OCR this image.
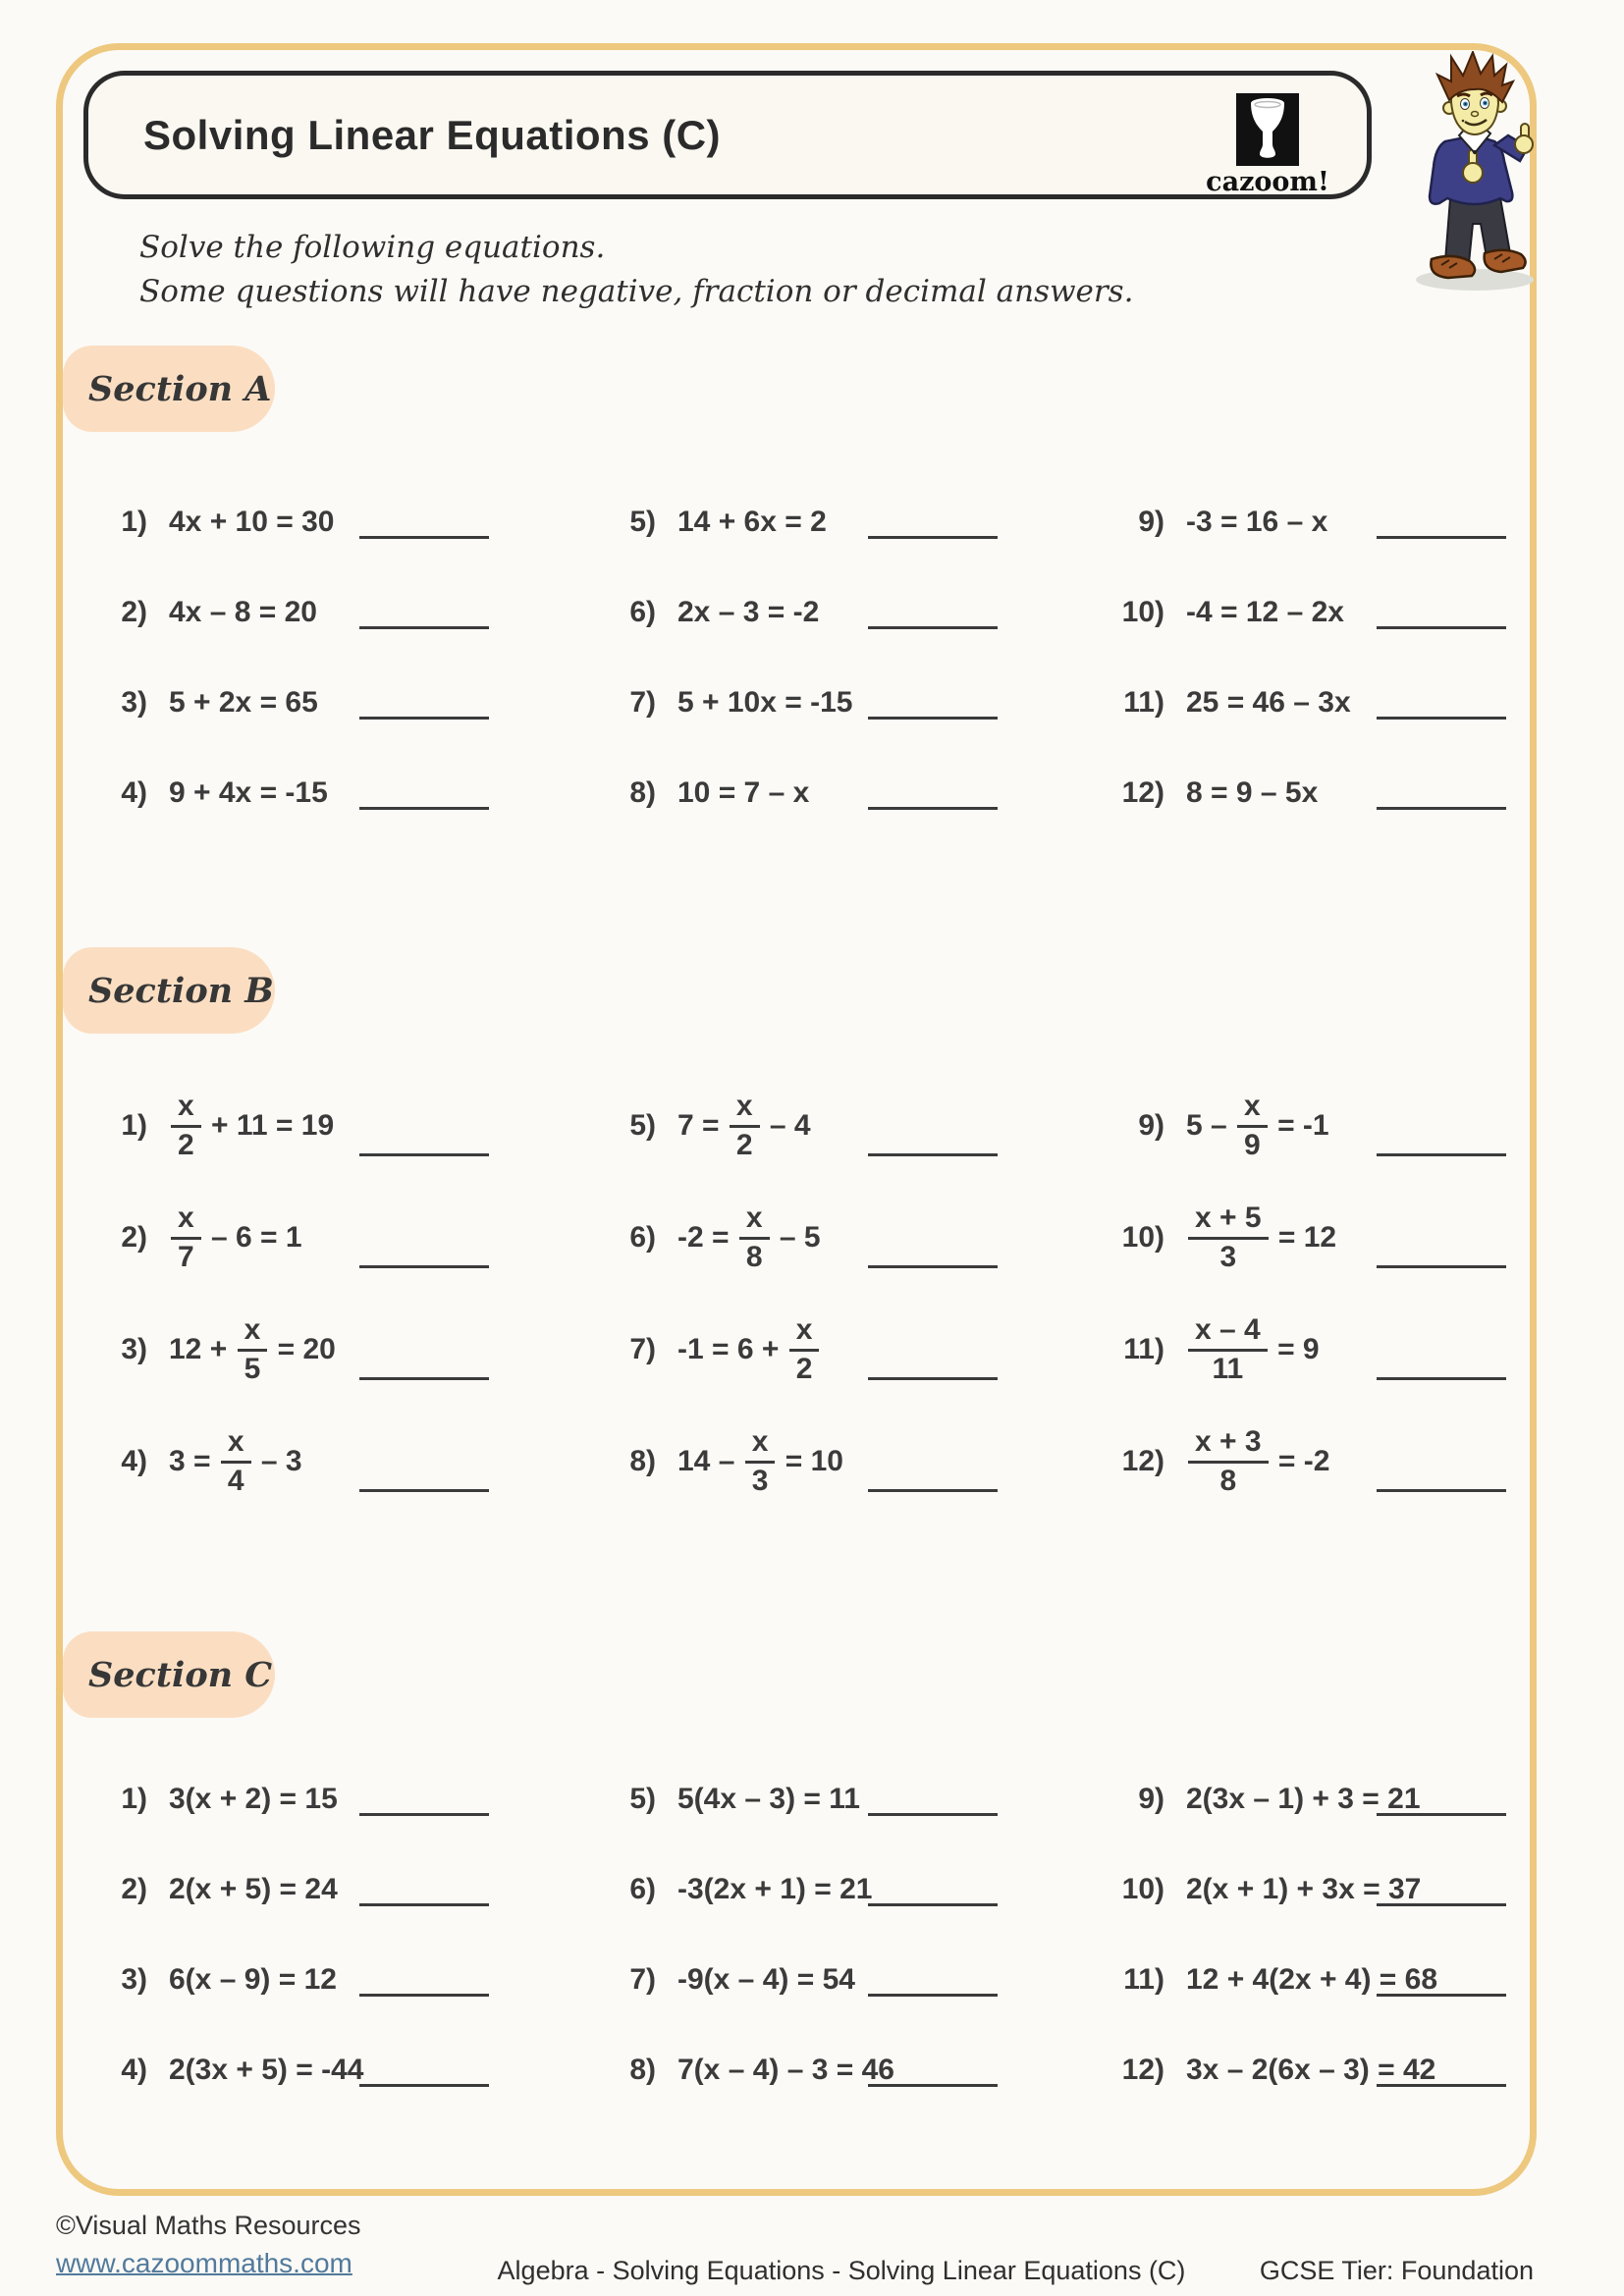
Solving Linear Equations (C)
cazoom!

Solve the following equations.
Some questions will have negative, fraction or decimal answers.

Section A
1) 4x + 10 = 30
2) 4x – 8 = 20
3) 5 + 2x = 65
4) 9 + 4x = -15
5) 14 + 6x = 2
6) 2x – 3 = -2
7) 5 + 10x = -15
8) 10 = 7 – x
9) -3 = 16 – x
10) -4 = 12 – 2x
11) 25 = 46 – 3x
12) 8 = 9 – 5x
Section B
$1) \frac{x}{2} + 11 = 19$
$2) \frac{x}{7} - 6 = 1$
3) $12 + \frac{x}{5} = 20$
4) $3 = \frac{x}{4} - 3$
5) $7 = \frac{x}{2} - 4$
6) $-2 = \frac{x}{8} - 5$
7) $-1 = 6 + \frac{x}{2}$
8) $14 - \frac{x}{3} = 10$
9) $5 - \frac{x}{9} = -1$
$10) \frac{x + 5}{3} = 12$
$11) \frac{x - 4}{11} = 9$
$12) \frac{x + 3}{8} = -2$
Section C
1) 3(x + 2) = 15
2) 2(x + 5) = 24
3) 6(x – 9) = 12
4) 2(3x + 5) = -44
5) 5(4x – 3) = 11
6) -3(2x + 1) = 21
7) -9(x – 4) = 54
8) 7(x – 4) – 3 = 46
9) 2(3x – 1) + 3 = 21
10) 2(x + 1) + 3x = 37
11) 12 + 4(2x + 4) = 68
12) 3x – 2(6x – 3) = 42
©Visual Maths Resources
www.cazoommaths.com	Algebra - Solving Equations - Solving Linear Equations (C)	GCSE Tier: Foundation
